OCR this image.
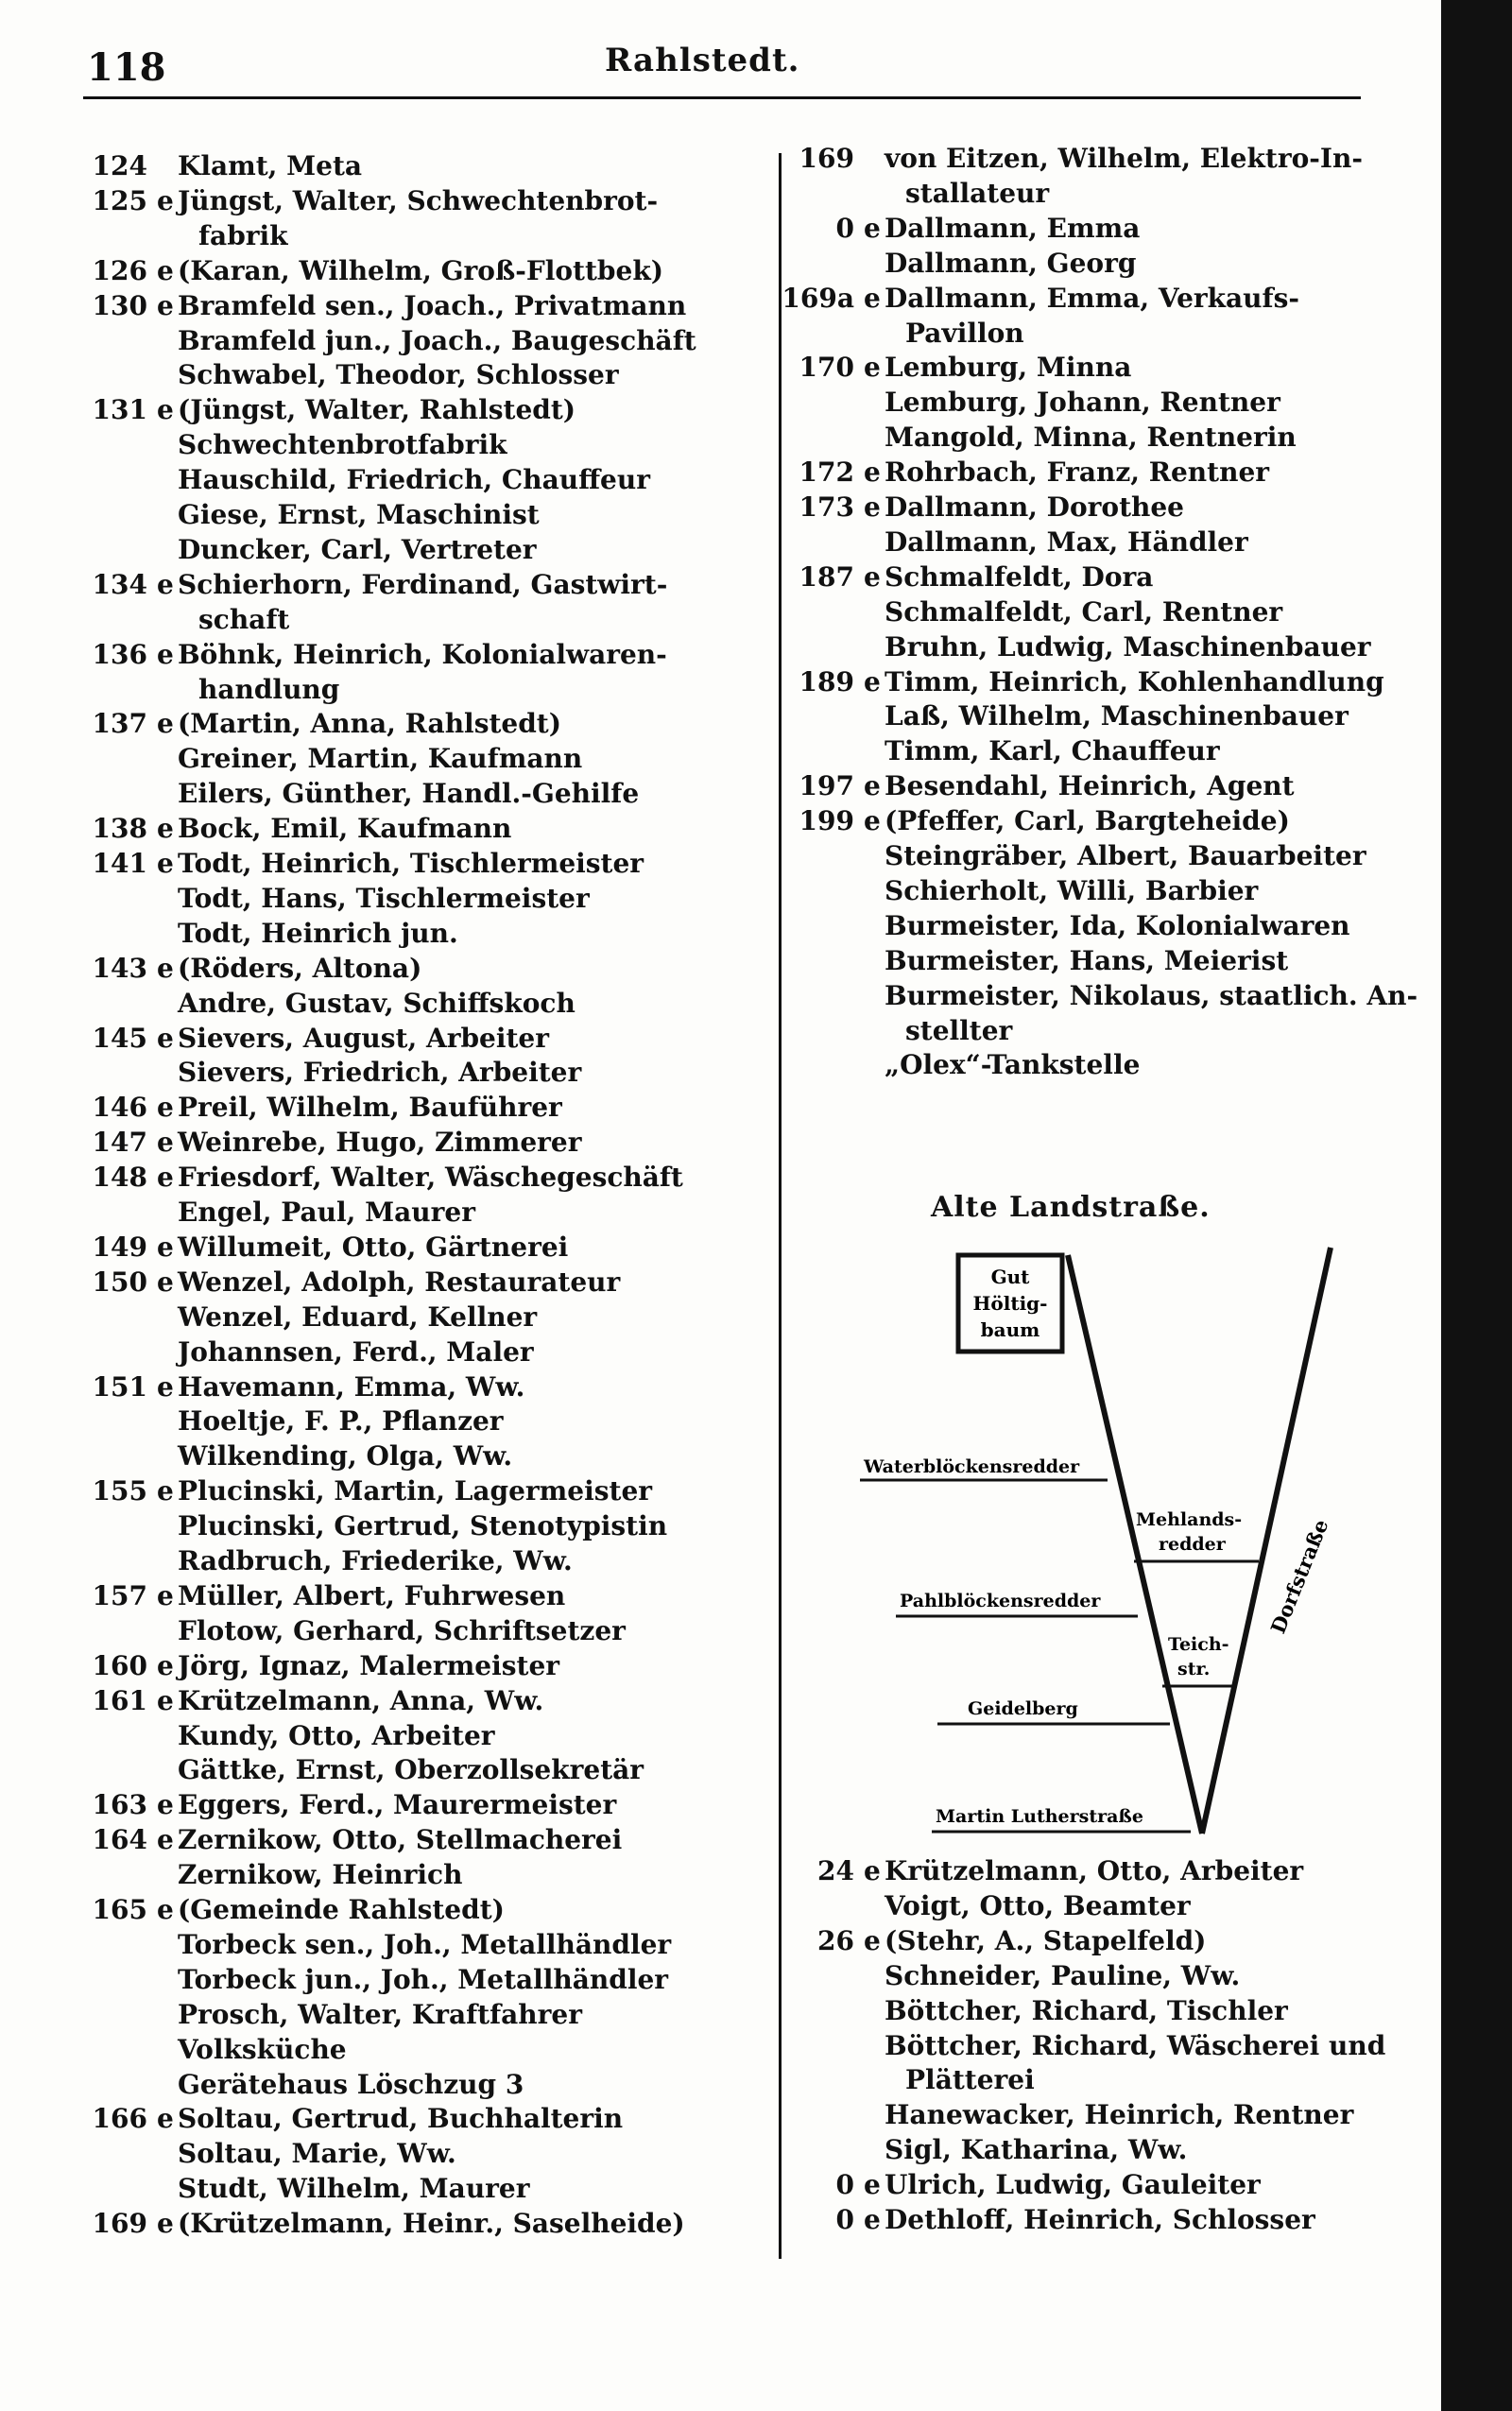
118	Rahlstedt.
124 Klamt, Meta
125 e Jüngst, Walter, Schwechtenbrot-
fabrik
126 e (Karan, Wilhelm, Groß-Flottbek)
130 e Bramfeld sen., Joach., Privatmann
Bramfeld jun., Joach., Baugeschäft
Schwabel, Theodor, Schlosser
131 e (Jüngst, Walter, Rahlstedt)
Schwechtenbrotfabrik
Hauschild, Friedrich, Chauffeur
Giese, Ernst, Maschinist
Duncker, Carl, Vertreter
134 e Schierhorn, Ferdinand, Gastwirt-
schaft
136 e Böhnk, Heinrich, Kolonialwaren-
handlung
137 e (Martin, Anna, Rahlstedt)
Greiner, Martin, Kaufmann
Eilers, Günther, Handl.-Gehilfe
138 e Bock, Emil, Kaufmann
141 e Todt, Heinrich, Tischlermeister
Todt, Hans, Tischlermeister
Todt, Heinrich jun.
143 e (Röders, Altona)
Andre, Gustav, Schiffskoch
145 e Sievers, August, Arbeiter
Sievers, Friedrich, Arbeiter
146 e Preil, Wilhelm, Bauführer
147 e Weinrebe, Hugo, Zimmerer
148 e Friesdorf, Walter, Wäschegeschäft
Engel, Paul, Maurer
149 e Willumeit, Otto, Gärtnerei
150 e Wenzel, Adolph, Restaurateur
Wenzel, Eduard, Kellner
Johannsen, Ferd., Maler
151 e Havemann, Emma, Ww.
Hoeltje, F. P., Pflanzer
Wilkending, Olga, Ww.
155 e Plucinski, Martin, Lagermeister
Plucinski, Gertrud, Stenotypistin
Radbruch, Friederike, Ww.
157 e Müller, Albert, Fuhrwesen
Flotow, Gerhard, Schriftsetzer
160 e Jörg, Ignaz, Malermeister
161 e Krützelmann, Anna, Ww.
Kundy, Otto, Arbeiter
Gättke, Ernst, Oberzollsekretär
163 e Eggers, Ferd., Maurermeister
164 e Zernikow, Otto, Stellmacherei
Zernikow, Heinrich
165 e (Gemeinde Rahlstedt)
Torbeck sen., Joh., Metallhändler
Torbeck jun., Joh., Metallhändler
Prosch, Walter, Kraftfahrer
Volksküche
Gerätehaus Löschzug 3
166 e Soltau, Gertrud, Buchhalterin
Soltau, Marie, Ww.
Studt, Wilhelm, Maurer
169 e (Krützelmann, Heinr., Saselheide)
169 von Eitzen, Wilhelm, Elektro-In-
stallateur
0 e Dallmann, Emma
Dallmann, Georg
169a e Dallmann, Emma, Verkaufs-
Pavillon
170 e Lemburg, Minna
Lemburg, Johann, Rentner
Mangold, Minna, Rentnerin
172 e Rohrbach, Franz, Rentner
173 e Dallmann, Dorothee
Dallmann, Max, Händler
187 e Schmalfeldt, Dora
Schmalfeldt, Carl, Rentner
Bruhn, Ludwig, Maschinenbauer
189 e Timm, Heinrich, Kohlenhandlung
Laß, Wilhelm, Maschinenbauer
Timm, Karl, Chauffeur
197 e Besendahl, Heinrich, Agent
199 e (Pfeffer, Carl, Bargteheide)
Steingräber, Albert, Bauarbeiter
Schierholt, Willi, Barbier
Burmeister, Ida, Kolonialwaren
Burmeister, Hans, Meierist
Burmeister, Nikolaus, staatlich. An-
stellter
„Olex“-Tankstelle
Alte Landstraße.
Gut
Höltig-
baum
Waterblöckensredder
Mehlands-
redder
Pahlblöckensredder
Teich-
str.
Dorfstraße
Geidelberg
Martin Lutherstraße
24 e Krützelmann, Otto, Arbeiter
Voigt, Otto, Beamter
26 e (Stehr, A., Stapelfeld)
Schneider, Pauline, Ww.
Böttcher, Richard, Tischler
Böttcher, Richard, Wäscherei und
Plätterei
Hanewacker, Heinrich, Rentner
Sigl, Katharina, Ww.
0 e Ulrich, Ludwig, Gauleiter
0 e Dethloff, Heinrich, Schlosser
